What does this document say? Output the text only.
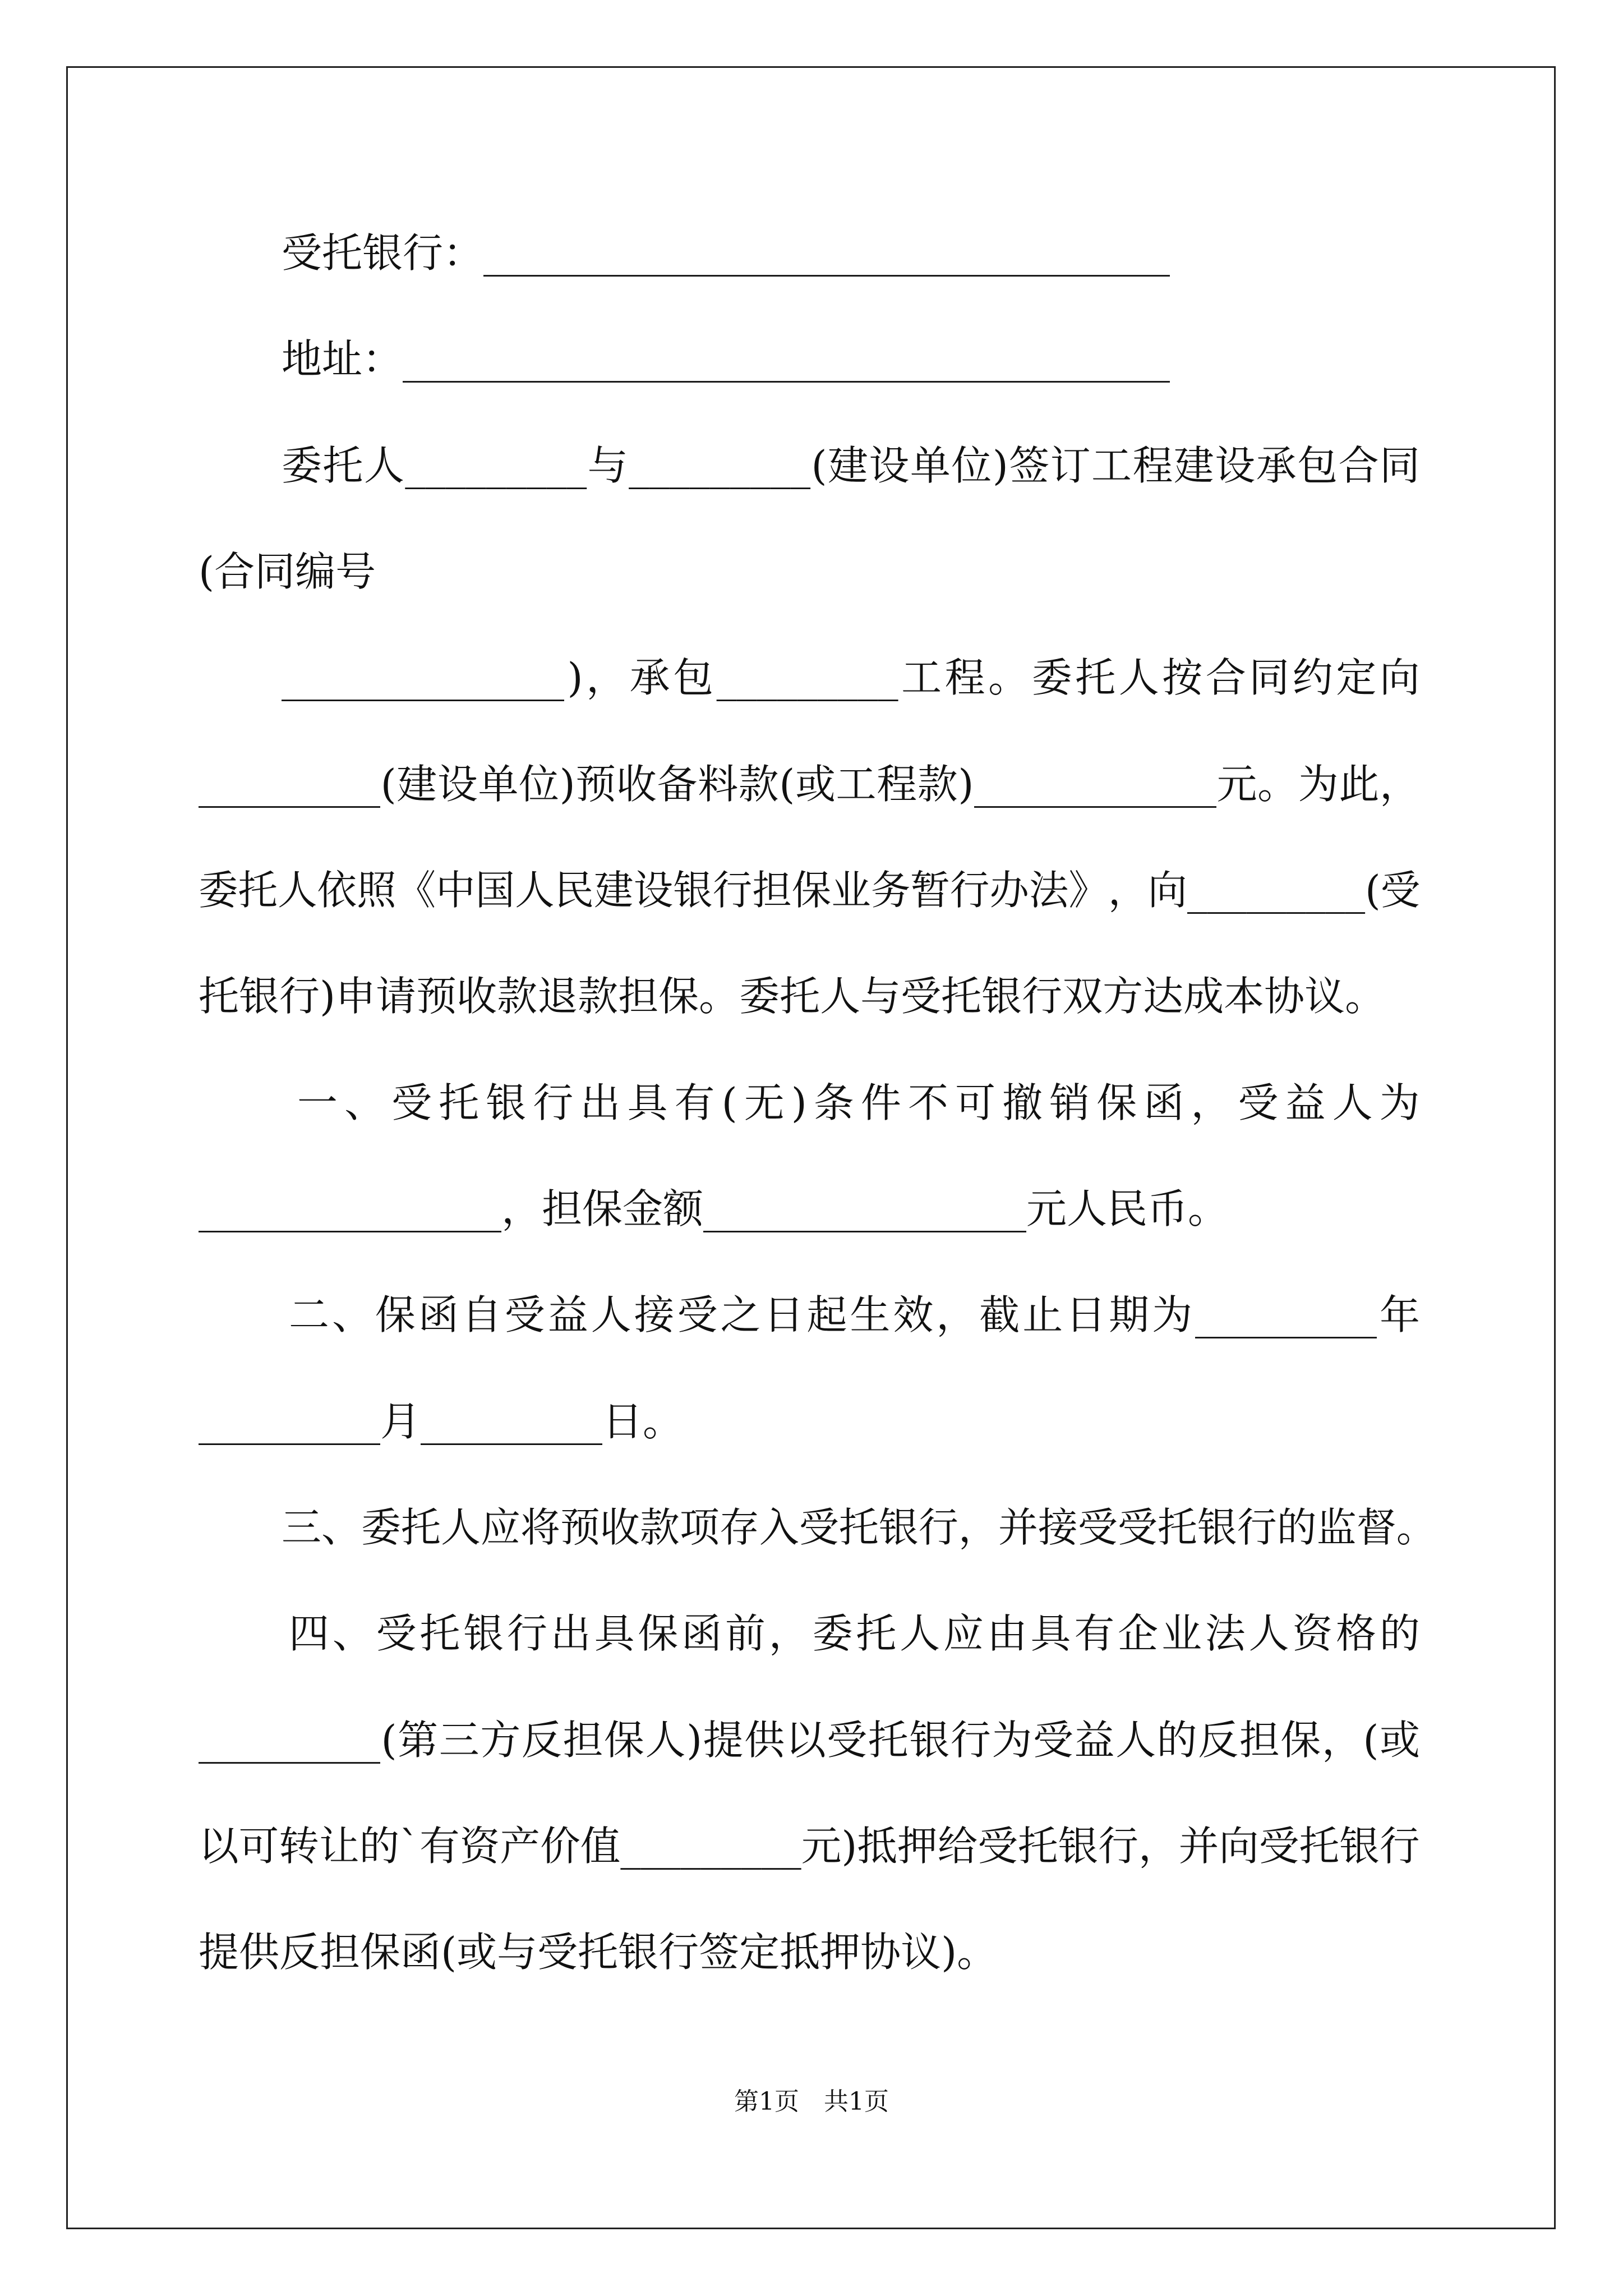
受托银行：__________________________________
地址：______________________________________
委 托 人 _________ 与 _________ ( 建 设 单 位 ) 签 订 工 程 建 设 承 包 合 同
(合同编号
______________ ) ， 承 包 _________ 工 程 。 委 托 人 按 合 同 约 定 向
_________ ( 建 设 单 位 ) 预 收 备 料 款 ( 或 工 程 款 ) ____________ 元 。 为 此 ，
委 托 人 依 照 《 中 国 人 民 建 设 银 行 担 保 业 务 暂 行 办 法 》 ， 向 _________ ( 受
托银行)申请预收款退款担保。委托人与受托银行双方达成本协议。
一 、 受 托 银 行 出 具 有 ( 无 ) 条 件 不 可 撤 销 保 函 ， 受 益 人 为
_______________，担保金额________________元人民币。
二 、 保 函 自 受 益 人 接 受 之 日 起 生 效 ， 截 止 日 期 为 _________ 年
_________月_________日。
三、委托人应将预收款项存入受托银行，并接受受托银行的监督。
四 、 受 托 银 行 出 具 保 函 前 ， 委 托 人 应 由 具 有 企 业 法 人 资 格 的
_________ ( 第 三 方 反 担 保 人 ) 提 供 以 受 托 银 行 为 受 益 人 的 反 担 保 ， ( 或
以 可 转 让 的 ` 有 资 产 价 值 _________ 元 ) 抵 押 给 受 托 银 行 ， 并 向 受 托 银 行
提供反担保函(或与受托银行签定抵押协议)。
第1页　共1页
